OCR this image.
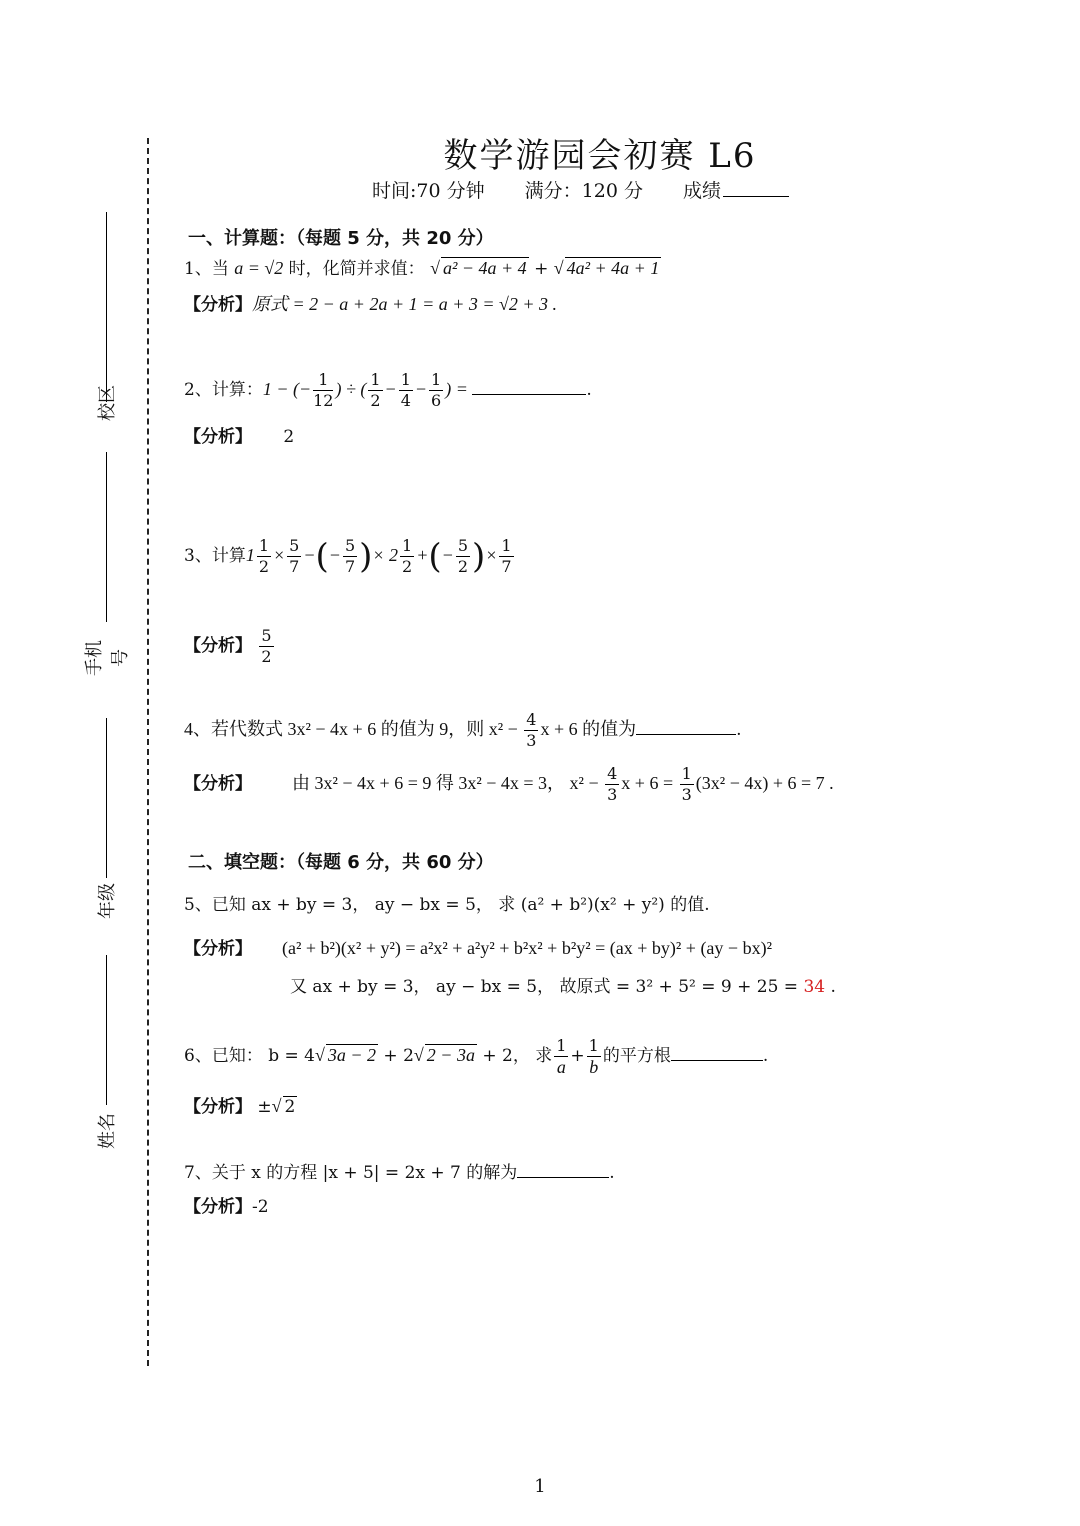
数学游园会初赛 L6
时间:70 分钟 满分：120 分 成绩
校区
手机号
年级
姓名
一、计算题：（每题 5 分，共 20 分）
1、当 a = √2 时，化简并求值： √ a² − 4a + 4 + √ 4a² + 4a + 1
【分析】原式 = 2 − a + 2a + 1 = a + 3 = √2 + 3 .
2、计算：1 − (− $\frac{1}{12}$ ) ÷ ( $\frac{1}{2} - \frac{1}{4} - \frac{1}{6}$ ) =	.
【分析】 2
3、计算$1 \frac{1}{2} \times \frac{5}{7}$ −(− $\frac{5}{7}$ )× $2 \frac{1}{2}$ +(− $\frac{5}{2}$ )× $\frac{1}{7}$
【分析】 $\frac{5}{2}$
4、若代数式 3x² − 4x + 6 的值为 9，则 $x^2 - \frac{4}{3}$ x + 6 的值为	.
【分析】 由 3x² − 4x + 6 = 9 得 3x² − 4x = 3， $x^2 - \frac{4}{3}$ $x + 6 = \frac{1}{3} (3x^2 - 4x) + 6 = 7$ .
二、填空题：（每题 6 分，共 60 分）
5、已知 ax + by = 3， ay − bx = 5， 求 (a² + b²)(x² + y²) 的值.
【分析】 (a² + b²)(x² + y²) = a²x² + a²y² + b²x² + b²y² = (ax + by)² + (ay − bx)²
又 ax + by = 3， ay − bx = 5， 故原式 = 3² + 5² = 9 + 25 = 34 .
6、已知： b = 4√ 3a − 2 + 2√ 2 − 3a + 2， 求 $\frac{1}{a} + \frac{1}{b}$ 的平方根	.
【分析】 ±√ 2
7、关于 x 的方程 |x + 5| = 2x + 7 的解为	.
【分析】-2
1
